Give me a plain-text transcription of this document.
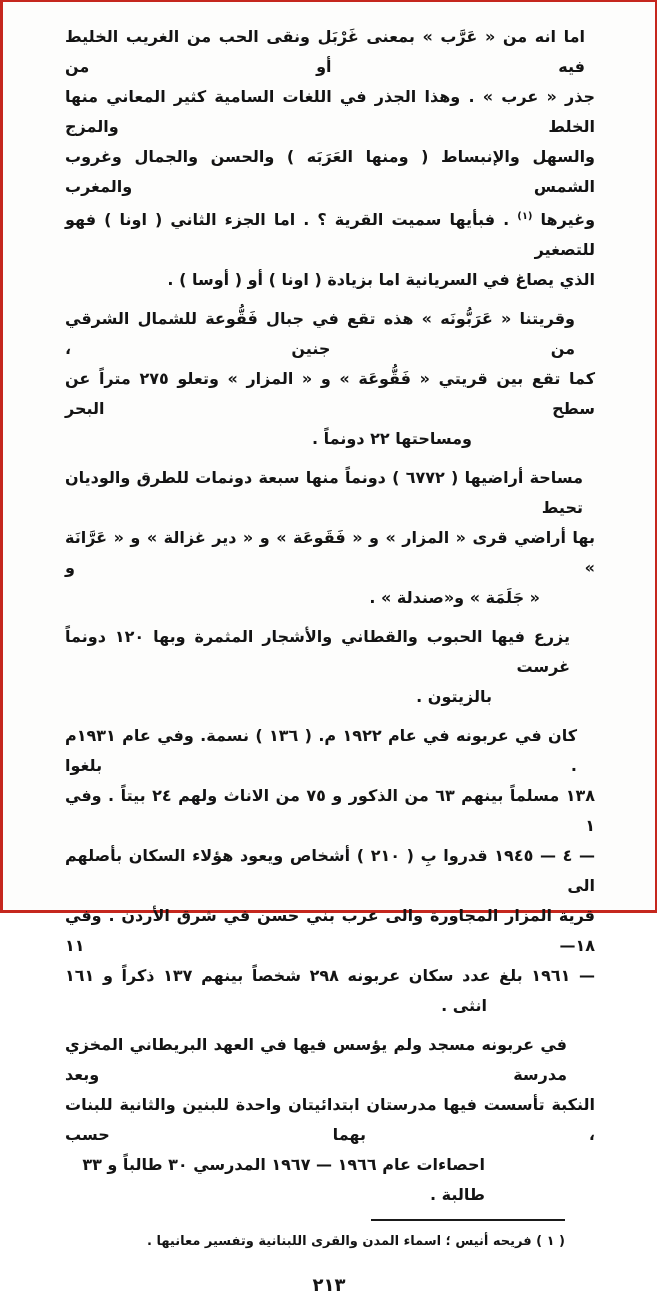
اما انه من « عَرَّب » بمعنى غَرْبَل ونقى الحب من الغريب الخليط فيه أو من
جذر « عرب » . وهذا الجذر في اللغات السامية كثير المعاني منها الخلط والمزج
والسهل والإنبساط ( ومنها العَرَبَه ) والحسن والجمال وغروب الشمس والمغرب
وغيرها $^{(١)}$ . فبأيها سميت القرية ؟ . اما الجزء الثاني ( اونا ) فهو للتصغير
الذي يصاغ في السريانية اما بزيادة ( اونا ) أو ( أوسا ) .
وقريتنا « عَرَبُّونَه » هذه تقع في جبال فَقُّوعة للشمال الشرقي من جنين ،
كما تقع بين قريتي « فَقُّوعَة » و « المزار » وتعلو ٢٧٥ متراً عن سطح البحر
ومساحتها ٢٢ دونماً .
مساحة أراضيها ( ٦٧٧٢ ) دونماً منها سبعة دونمات للطرق والوديان تحيط
بها أراضي قرى « المزار » و « فَقَوعَة » و « دير غزالة » و « عَرَّانَة » و
« جَلَمَة » و«صندلة » .
يزرع فيها الحبوب والقطاني والأشجار المثمرة وبها ١٢٠ دونماً غرست
بالزيتون .
كان في عربونه في عام ١٩٢٢ م. ( ١٣٦ ) نسمة. وفي عام ١٩٣١م . بلغوا
١٣٨ مسلماً بينهم ٦٣ من الذكور و ٧٥ من الاناث ولهم ٢٤ بيتاً . وفي ١
— ٤ — ١٩٤٥ قدروا بِ ( ٢١٠ ) أشخاص ويعود هؤلاء السكان بأصلهم الى
قرية المزار المجاورة والى عرب بني حسن في شرق الأردن . وفي ١٨— ١١
— ١٩٦١ بلغ عدد سكان عربونه ٢٩٨ شخصاً بينهم ١٣٧ ذكراً و ١٦١
انثى .
في عربونه مسجد ولم يؤسس فيها في العهد البريطاني المخزي مدرسة وبعد
النكبة تأسست فيها مدرستان ابتدائيتان واحدة للبنين والثانية للبنات ، بهما حسب
احصاءات عام ١٩٦٦ — ١٩٦٧ المدرسي ٣٠ طالباً و ٣٣ طالبة .
( ١ ) فريحه أنيس ؛ اسماء المدن والقرى اللبنانية وتفسير معانيها .
٢١٣
